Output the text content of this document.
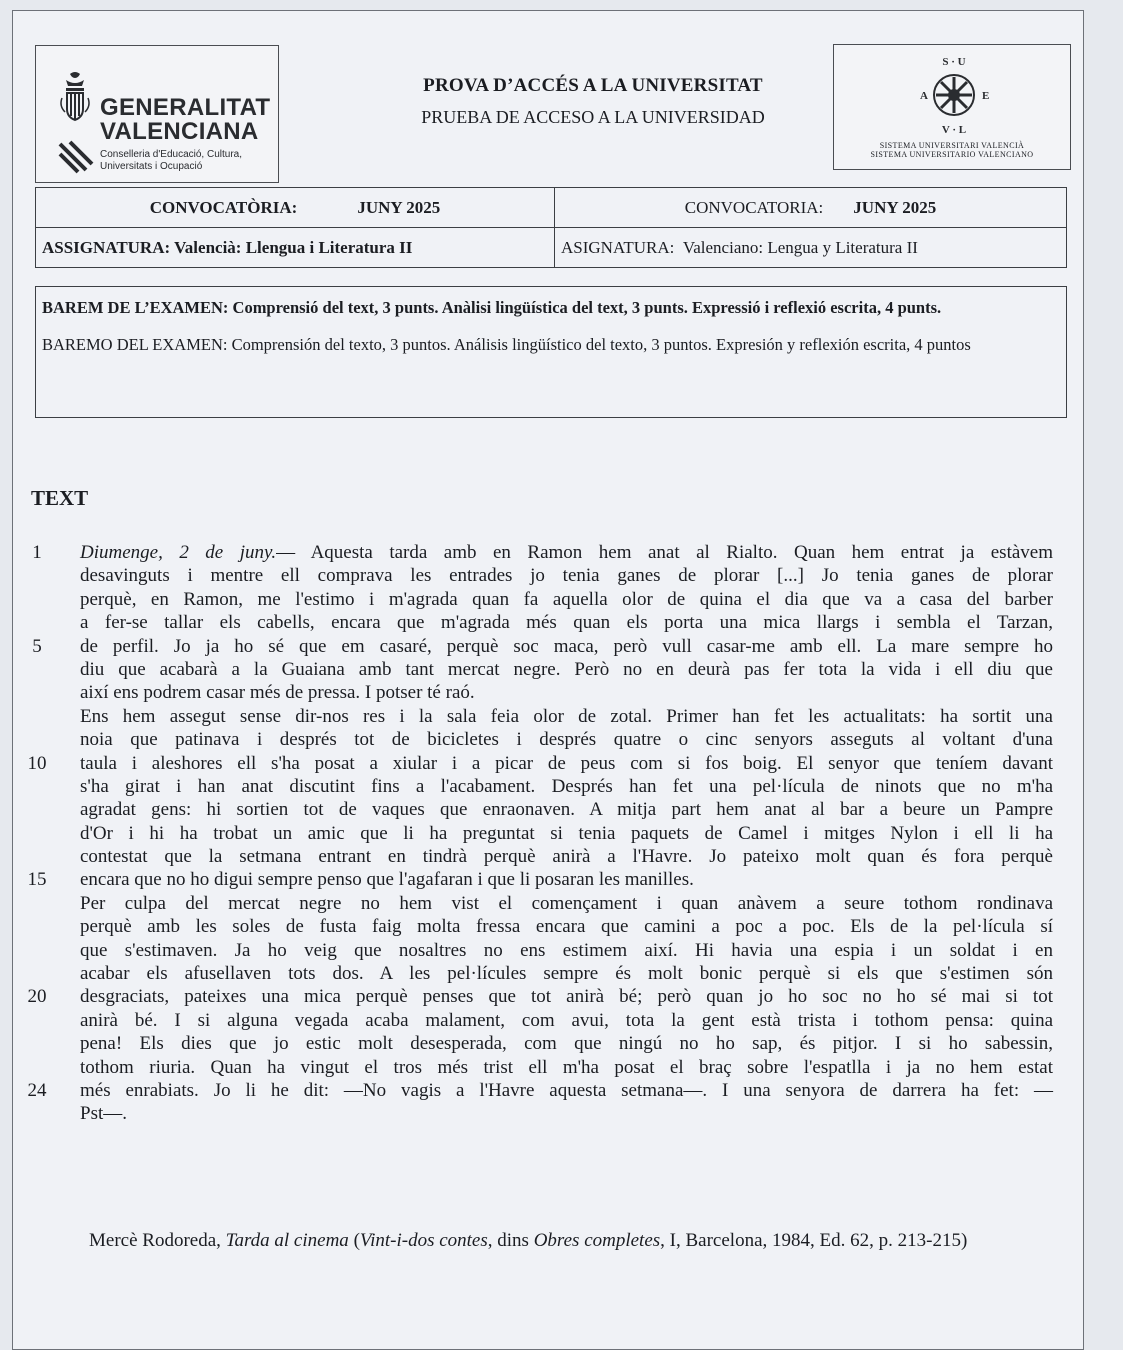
GENERALITAT
VALENCIANA
Conselleria d'Educació, Cultura,
Universitats i Ocupació
PROVA D’ACCÉS A LA UNIVERSITAT
PRUEBA DE ACCESO A LA UNIVERSIDAD
S · U
A	E
V · L
SISTEMA UNIVERSITARI VALENCIÀ
SISTEMA UNIVERSITARIO VALENCIANO
CONVOCATÒRIA: JUNY 2025	CONVOCATORIA: JUNY 2025
ASSIGNATURA: Valencià: Llengua i Literatura II	ASIGNATURA: Valenciano: Lengua y Literatura II
BAREM DE L’EXAMEN: Comprensió del text, 3 punts. Anàlisi lingüística del text, 3 punts. Expressió i reflexió escrita, 4 punts.
BAREMO DEL EXAMEN: Comprensión del texto, 3 puntos. Análisis lingüístico del texto, 3 puntos. Expresión y reflexión escrita, 4 puntos
TEXT
1	Diumenge, 2 de juny.— Aquesta tarda amb en Ramon hem anat al Rialto. Quan hem entrat ja estàvem
desavinguts i mentre ell comprava les entrades jo tenia ganes de plorar [...] Jo tenia ganes de plorar
perquè, en Ramon, me l'estimo i m'agrada quan fa aquella olor de quina el dia que va a casa del barber
a fer-se tallar els cabells, encara que m'agrada més quan els porta una mica llargs i sembla el Tarzan,
5	de perfil. Jo ja ho sé que em casaré, perquè soc maca, però vull casar-me amb ell. La mare sempre ho
diu que acabarà a la Guaiana amb tant mercat negre. Però no en deurà pas fer tota la vida i ell diu que
així ens podrem casar més de pressa. I potser té raó.
Ens hem assegut sense dir-nos res i la sala feia olor de zotal. Primer han fet les actualitats: ha sortit una
noia que patinava i després tot de bicicletes i després quatre o cinc senyors asseguts al voltant d'una
10	taula i aleshores ell s'ha posat a xiular i a picar de peus com si fos boig. El senyor que teníem davant
s'ha girat i han anat discutint fins a l'acabament. Després han fet una pel·lícula de ninots que no m'ha
agradat gens: hi sortien tot de vaques que enraonaven. A mitja part hem anat al bar a beure un Pampre
d'Or i hi ha trobat un amic que li ha preguntat si tenia paquets de Camel i mitges Nylon i ell li ha
contestat que la setmana entrant en tindrà perquè anirà a l'Havre. Jo pateixo molt quan és fora perquè
15	encara que no ho digui sempre penso que l'agafaran i que li posaran les manilles.
Per culpa del mercat negre no hem vist el començament i quan anàvem a seure tothom rondinava
perquè amb les soles de fusta faig molta fressa encara que camini a poc a poc. Els de la pel·lícula sí
que s'estimaven. Ja ho veig que nosaltres no ens estimem així. Hi havia una espia i un soldat i en
acabar els afusellaven tots dos. A les pel·lícules sempre és molt bonic perquè si els que s'estimen són
20	desgraciats, pateixes una mica perquè penses que tot anirà bé; però quan jo ho soc no ho sé mai si tot
anirà bé. I si alguna vegada acaba malament, com avui, tota la gent està trista i tothom pensa: quina
pena! Els dies que jo estic molt desesperada, com que ningú no ho sap, és pitjor. I si ho sabessin,
tothom riuria. Quan ha vingut el tros més trist ell m'ha posat el braç sobre l'espatlla i ja no hem estat
24	més enrabiats. Jo li he dit: —No vagis a l'Havre aquesta setmana—. I una senyora de darrera ha fet: —
Pst—.
Mercè Rodoreda, Tarda al cinema (Vint-i-dos contes, dins Obres completes, I, Barcelona, 1984, Ed. 62, p. 213-215)
